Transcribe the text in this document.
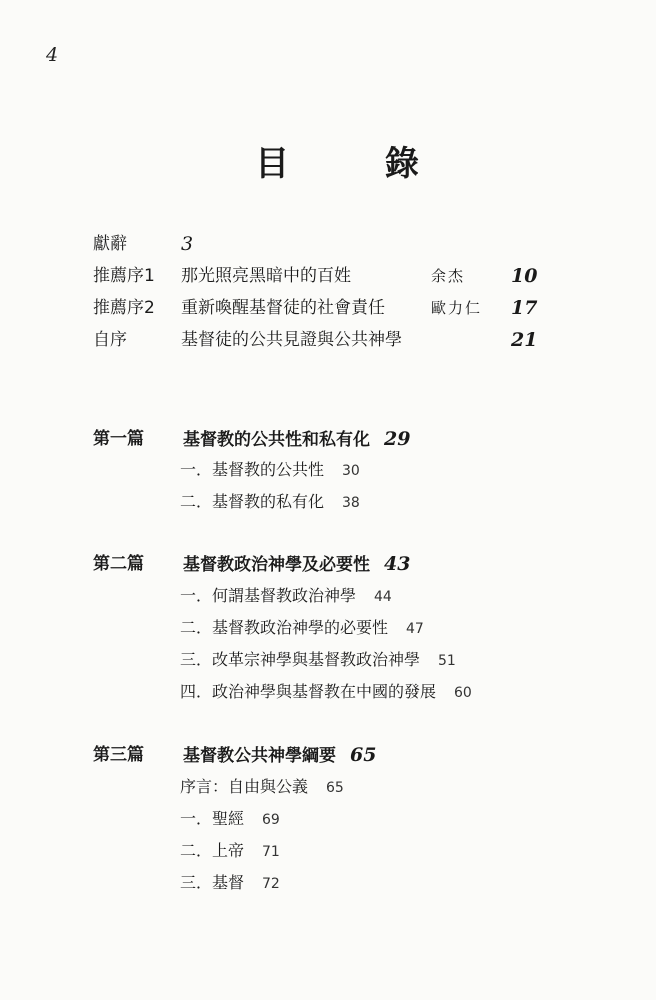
4
目 錄
獻辭	3
推薦序1 那光照亮黑暗中的百姓	余杰 10
推薦序2 重新喚醒基督徒的社會責任	歐力仁 17
自序	基督徒的公共見證與公共神學	21
第一篇 基督教的公共性和私有化 29
一．基督教的公共性 30
二．基督教的私有化 38
第二篇 基督教政治神學及必要性 43
一．何謂基督教政治神學 44
二．基督教政治神學的必要性 47
三．改革宗神學與基督教政治神學 51
四．政治神學與基督教在中國的發展 60
第三篇 基督教公共神學綱要 65
序言：自由與公義 65
一．聖經 69
二．上帝 71
三．基督 72
